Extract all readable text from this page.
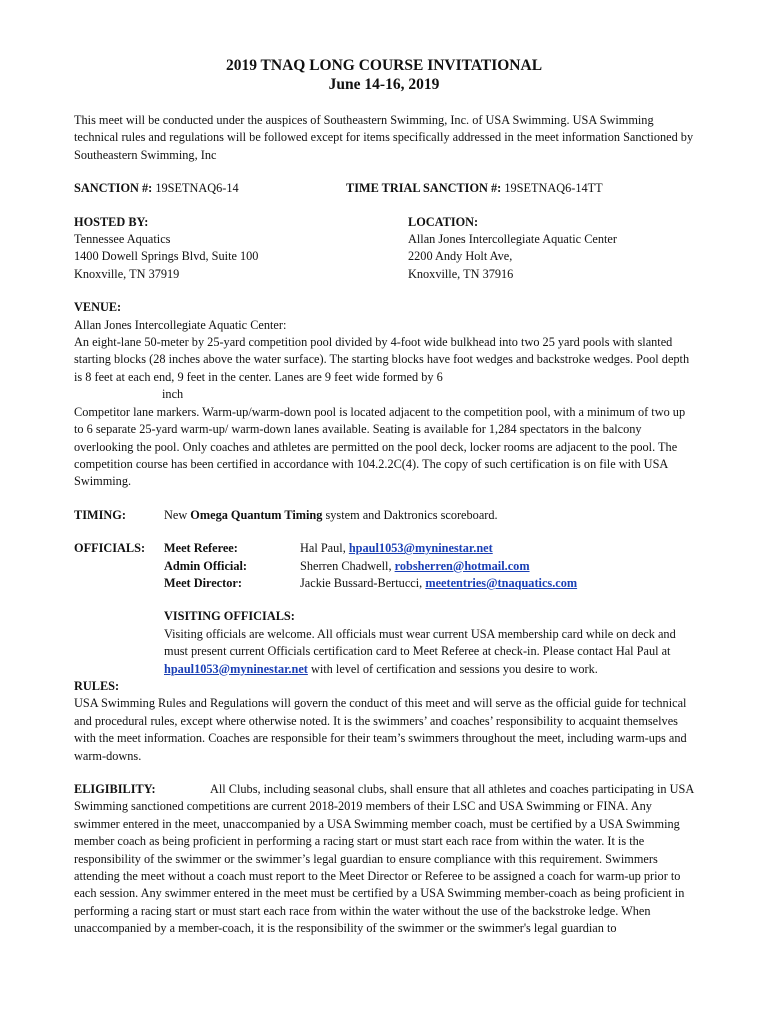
2019 TNAQ LONG COURSE INVITATIONAL
June 14-16, 2019

This meet will be conducted under the auspices of Southeastern Swimming, Inc. of USA Swimming. USA Swimming technical rules and regulations will be followed except for items specifically addressed in the meet information Sanctioned by Southeastern Swimming, Inc

SANCTION #: 19SETNAQ6-14	TIME TRIAL SANCTION #: 19SETNAQ6-14TT
HOSTED BY:
Tennessee Aquatics
1400 Dowell Springs Blvd, Suite 100
Knoxville, TN 37919
LOCATION:
Allan Jones Intercollegiate Aquatic Center
2200 Andy Holt Ave,
Knoxville, TN 37916
VENUE:
Allan Jones Intercollegiate Aquatic Center:
An eight-lane 50-meter by 25-yard competition pool divided by 4-foot wide bulkhead into two 25 yard pools with slanted starting blocks (28 inches above the water surface). The starting blocks have foot wedges and backstroke wedges. Pool depth is 8 feet at each end, 9 feet in the center. Lanes are 9 feet wide formed by 6
inch
Competitor lane markers. Warm-up/warm-down pool is located adjacent to the competition pool, with a minimum of two up to 6 separate 25-yard warm-up/ warm-down lanes available. Seating is available for 1,284 spectators in the balcony overlooking the pool. Only coaches and athletes are permitted on the pool deck, locker rooms are adjacent to the pool. The competition course has been certified in accordance with 104.2.2C(4). The copy of such certification is on file with USA Swimming.
TIMING:	New Omega Quantum Timing system and Daktronics scoreboard.
OFFICIALS:	Meet Referee:	Hal Paul, hpaul1053@myninestar.net
Admin Official:	Sherren Chadwell, robsherren@hotmail.com
Meet Director:	Jackie Bussard-Bertucci, meetentries@tnaquatics.com
VISITING OFFICIALS:
Visiting officials are welcome. All officials must wear current USA membership card while on deck and must present current Officials certification card to Meet Referee at check-in. Please contact Hal Paul at hpaul1053@myninestar.net with level of certification and sessions you desire to work.
RULES:
USA Swimming Rules and Regulations will govern the conduct of this meet and will serve as the official guide for technical and procedural rules, except where otherwise noted. It is the swimmers’ and coaches’ responsibility to acquaint themselves with the meet information. Coaches are responsible for their team’s swimmers throughout the meet, including warm-ups and warm-downs.
ELIGIBILITY:	All Clubs, including seasonal clubs, shall ensure that all athletes and coaches participating in USA Swimming sanctioned competitions are current 2018-2019 members of their LSC and USA Swimming or FINA. Any swimmer entered in the meet, unaccompanied by a USA Swimming member coach, must be certified by a USA Swimming member coach as being proficient in performing a racing start or must start each race from within the water. It is the responsibility of the swimmer or the swimmer’s legal guardian to ensure compliance with this requirement. Swimmers attending the meet without a coach must report to the Meet Director or Referee to be assigned a coach for warm-up prior to each session. Any swimmer entered in the meet must be certified by a USA Swimming member-coach as being proficient in performing a racing start or must start each race from within the water without the use of the backstroke ledge. When unaccompanied by a member-coach, it is the responsibility of the swimmer or the swimmer's legal guardian to
